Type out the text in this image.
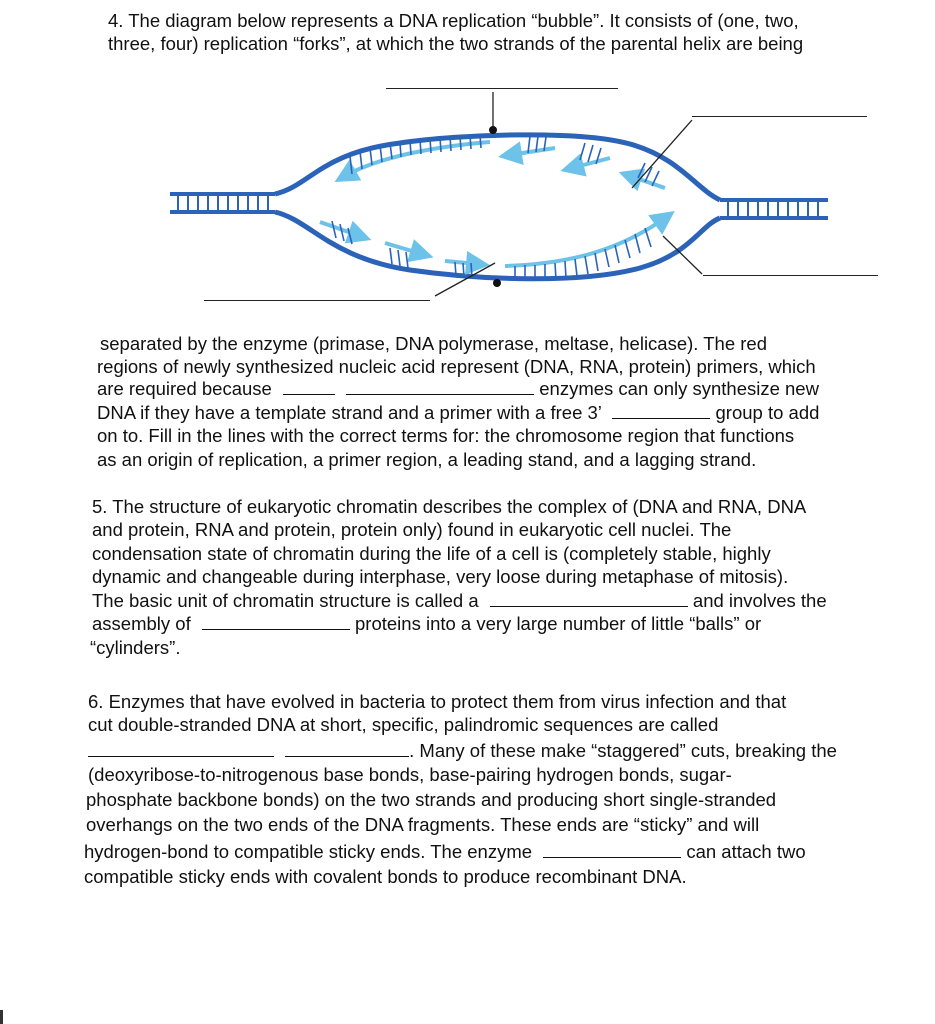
4. The diagram below represents a DNA replication “bubble”. It consists of (one, two,
three, four) replication “forks”, at which the two strands of the parental helix are being
separated by the enzyme (primase, DNA polymerase, meltase, helicase). The red
regions of newly synthesized nucleic acid represent (DNA, RNA, protein) primers, which
are required because	enzymes can only synthesize new
DNA if they have a template strand and a primer with a free 3’	group to add
on to. Fill in the lines with the correct terms for: the chromosome region that functions
as an origin of replication, a primer region, a leading stand, and a lagging strand.
5. The structure of eukaryotic chromatin describes the complex of (DNA and RNA, DNA
and protein, RNA and protein, protein only) found in eukaryotic cell nuclei. The
condensation state of chromatin during the life of a cell is (completely stable, highly
dynamic and changeable during interphase, very loose during metaphase of mitosis).
The basic unit of chromatin structure is called a	and involves the
assembly of	proteins into a very large number of little “balls” or
“cylinders”.
6. Enzymes that have evolved in bacteria to protect them from virus infection and that
cut double-stranded DNA at short, specific, palindromic sequences are called
. Many of these make “staggered” cuts, breaking the
(deoxyribose-to-nitrogenous base bonds, base-pairing hydrogen bonds, sugar-
phosphate backbone bonds) on the two strands and producing short single-stranded
overhangs on the two ends of the DNA fragments. These ends are “sticky” and will
hydrogen-bond to compatible sticky ends. The enzyme	can attach two
compatible sticky ends with covalent bonds to produce recombinant DNA.
